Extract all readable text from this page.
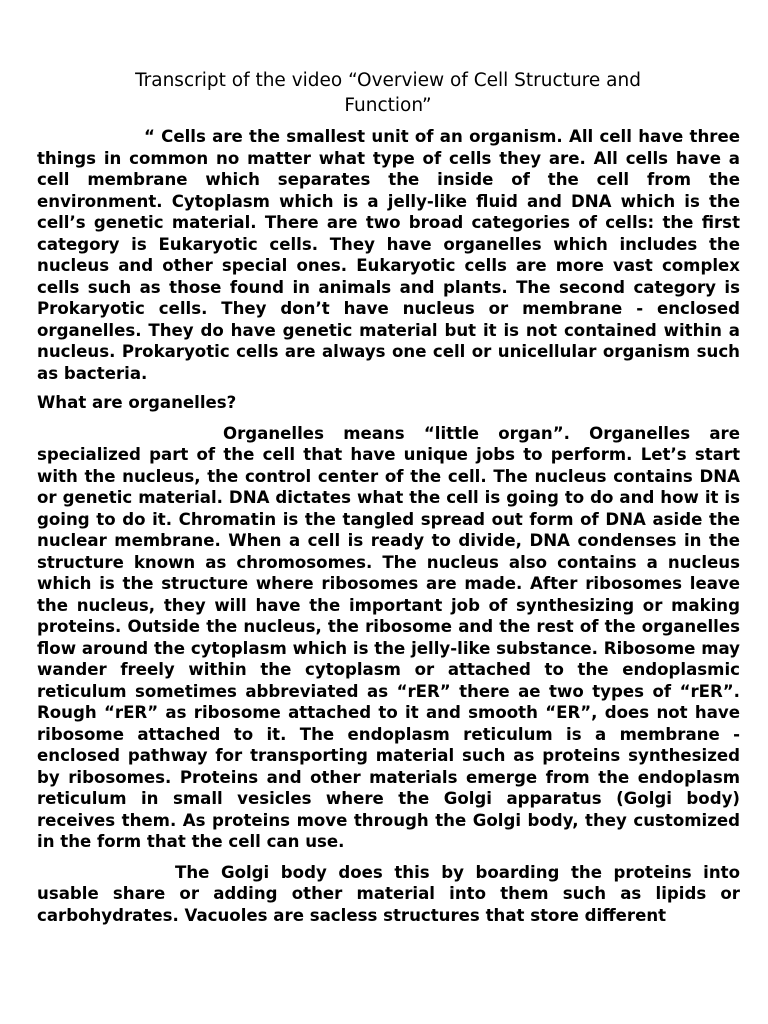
Transcript of the video “Overview of Cell Structure and
Function”

“ Cells are the smallest unit of an organism. All cell have three things in common no matter what type of cells they are. All cells have a cell membrane which separates the inside of the cell from the environment. Cytoplasm which is a jelly-like fluid and DNA which is the cell’s genetic material. There are two broad categories of cells: the first category is Eukaryotic cells. They have organelles which includes the nucleus and other special ones. Eukaryotic cells are more vast complex cells such as those found in animals and plants. The second category is Prokaryotic cells. They don’t have nucleus or membrane - enclosed organelles. They do have genetic material but it is not contained within a nucleus. Prokaryotic cells are always one cell or unicellular organism such as bacteria.

What are organelles?

Organelles means “little organ”. Organelles are specialized part of the cell that have unique jobs to perform. Let’s start with the nucleus, the control center of the cell. The nucleus contains DNA or genetic material. DNA dictates what the cell is going to do and how it is going to do it. Chromatin is the tangled spread out form of DNA aside the nuclear membrane. When a cell is ready to divide, DNA condenses in the structure known as chromosomes. The nucleus also contains a nucleus which is the structure where ribosomes are made. After ribosomes leave the nucleus, they will have the important job of synthesizing or making proteins. Outside the nucleus, the ribosome and the rest of the organelles flow around the cytoplasm which is the jelly-like substance. Ribosome may wander freely within the cytoplasm or attached to the endoplasmic reticulum sometimes abbreviated as “rER” there ae two types of “rER”. Rough “rER” as ribosome attached to it and smooth “ER”, does not have ribosome attached to it. The endoplasm reticulum is a membrane - enclosed pathway for transporting material such as proteins synthesized by ribosomes. Proteins and other materials emerge from the endoplasm reticulum in small vesicles where the Golgi apparatus (Golgi body) receives them. As proteins move through the Golgi body, they customized in the form that the cell can use.

The Golgi body does this by boarding the proteins into usable share or adding other material into them such as lipids or carbohydrates. Vacuoles are sacless structures that store different
